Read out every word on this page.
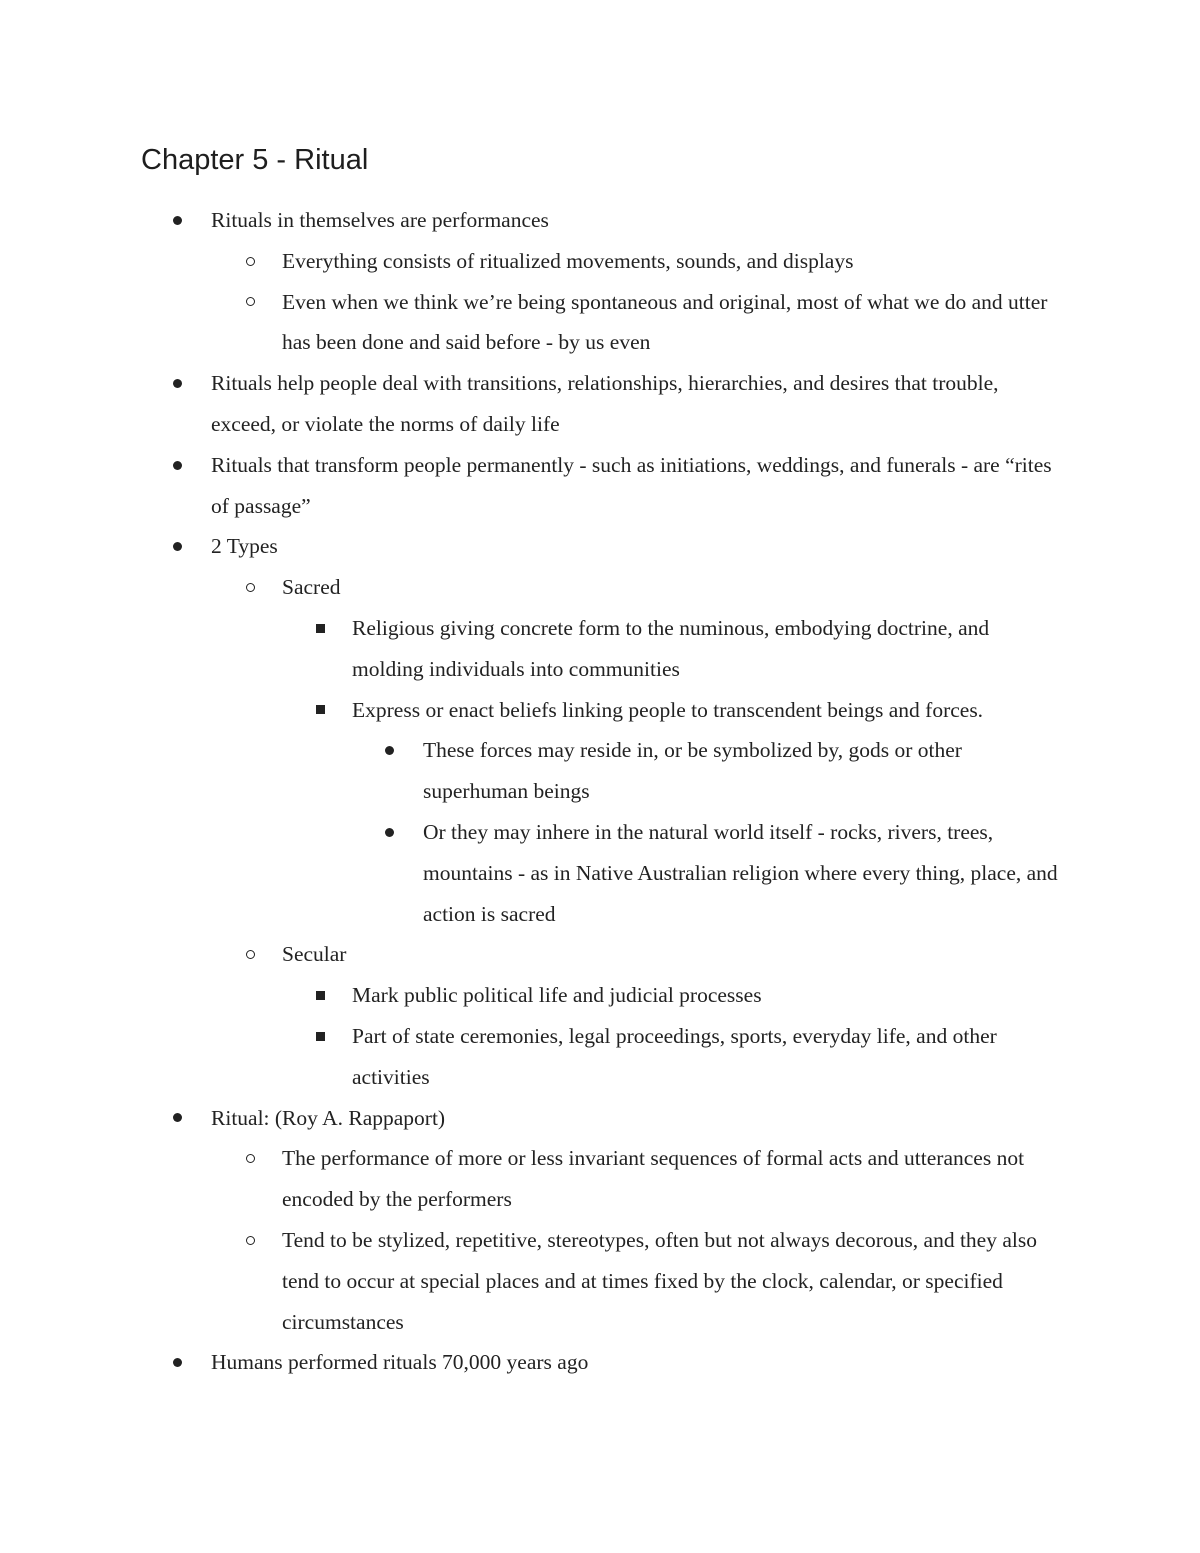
Chapter 5 - Ritual
Rituals in themselves are performances
Everything consists of ritualized movements, sounds, and displays
Even when we think we’re being spontaneous and original, most of what we do and utter has been done and said before - by us even
Rituals help people deal with transitions, relationships, hierarchies, and desires that trouble, exceed, or violate the norms of daily life
Rituals that transform people permanently - such as initiations, weddings, and funerals - are “rites of passage”
2 Types
Sacred
Religious giving concrete form to the numinous, embodying doctrine, and molding individuals into communities
Express or enact beliefs linking people to transcendent beings and forces.
These forces may reside in, or be symbolized by, gods or other superhuman beings
Or they may inhere in the natural world itself - rocks, rivers, trees, mountains - as in Native Australian religion where every thing, place, and action is sacred
Secular
Mark public political life and judicial processes
Part of state ceremonies, legal proceedings, sports, everyday life, and other activities
Ritual: (Roy A. Rappaport)
The performance of more or less invariant sequences of formal acts and utterances not encoded by the performers
Tend to be stylized, repetitive, stereotypes, often but not always decorous, and they also tend to occur at special places and at times fixed by the clock, calendar, or specified circumstances
Humans performed rituals 70,000 years ago
